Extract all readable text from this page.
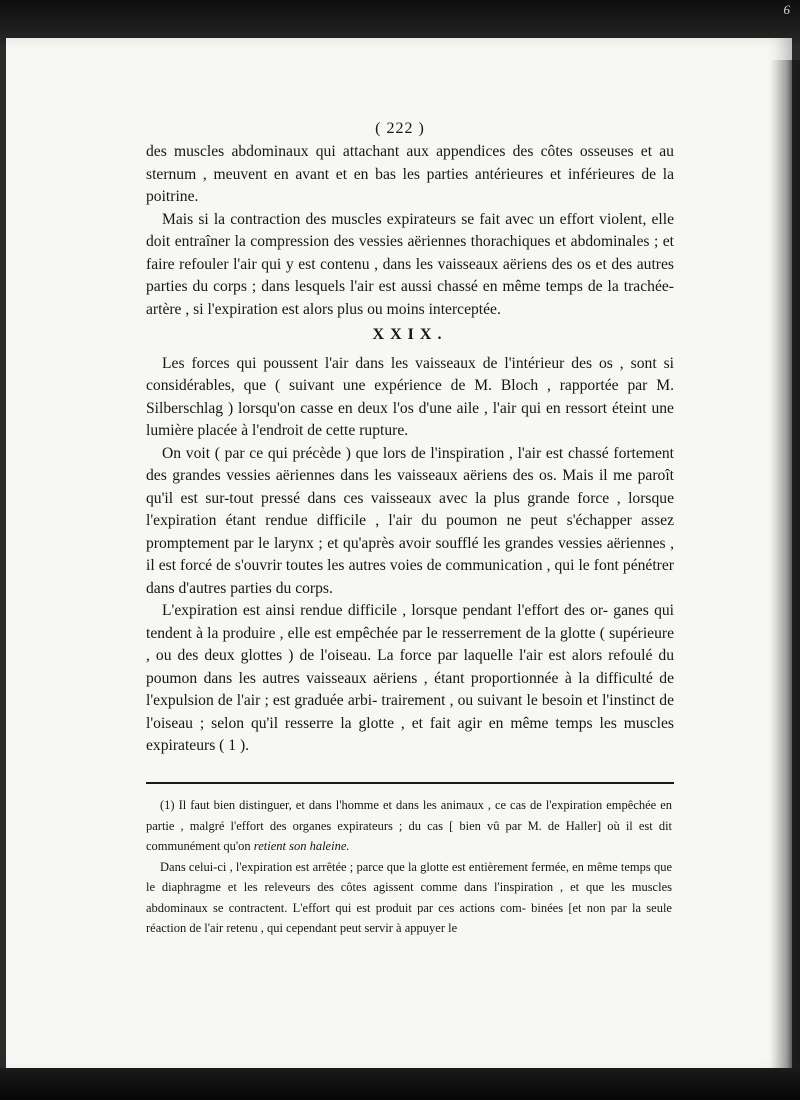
6

( 222 )

des muscles abdominaux qui attachant aux appendices des côtes osseuses et au sternum , meuvent en avant et en bas les parties antérieures et inférieures de la poitrine.

Mais si la contraction des muscles expirateurs se fait avec un effort violent, elle doit entraîner la compression des vessies aëriennes thorachiques et abdominales ; et faire refouler l'air qui y est contenu , dans les vaisseaux aëriens des os et des autres parties du corps ; dans lesquels l'air est aussi chassé en même temps de la trachée-artère , si l'expiration est alors plus ou moins interceptée.

XXIX.

Les forces qui poussent l'air dans les vaisseaux de l'intérieur des os , sont si considérables, que ( suivant une expérience de M. Bloch , rapportée par M. Silberschlag ) lorsqu'on casse en deux l'os d'une aile , l'air qui en ressort éteint une lumière placée à l'endroit de cette rupture.

On voit ( par ce qui précède ) que lors de l'inspiration , l'air est chassé fortement des grandes vessies aëriennes dans les vaisseaux aëriens des os. Mais il me paroît qu'il est sur-tout pressé dans ces vaisseaux avec la plus grande force , lorsque l'expiration étant rendue difficile , l'air du poumon ne peut s'échapper assez promptement par le larynx ; et qu'après avoir soufflé les grandes vessies aëriennes , il est forcé de s'ouvrir toutes les autres voies de communication , qui le font pénétrer dans d'autres parties du corps.

L'expiration est ainsi rendue difficile , lorsque pendant l'effort des or- ganes qui tendent à la produire , elle est empêchée par le resserrement de la glotte ( supérieure , ou des deux glottes ) de l'oiseau. La force par laquelle l'air est alors refoulé du poumon dans les autres vaisseaux aëriens , étant proportionnée à la difficulté de l'expulsion de l'air ; est graduée arbi- trairement , ou suivant le besoin et l'instinct de l'oiseau ; selon qu'il resserre la glotte , et fait agir en même temps les muscles expirateurs ( 1 ).

(1) Il faut bien distinguer, et dans l'homme et dans les animaux , ce cas de l'expiration empêchée en partie , malgré l'effort des organes expirateurs ; du cas [ bien vû par M. de Haller] où il est dit communément qu'on retient son haleine.

Dans celui-ci , l'expiration est arrêtée ; parce que la glotte est entièrement fermée, en même temps que le diaphragme et les releveurs des côtes agissent comme dans l'inspiration , et que les muscles abdominaux se contractent. L'effort qui est produit par ces actions com- binées [et non par la seule réaction de l'air retenu , qui cependant peut servir à appuyer le
